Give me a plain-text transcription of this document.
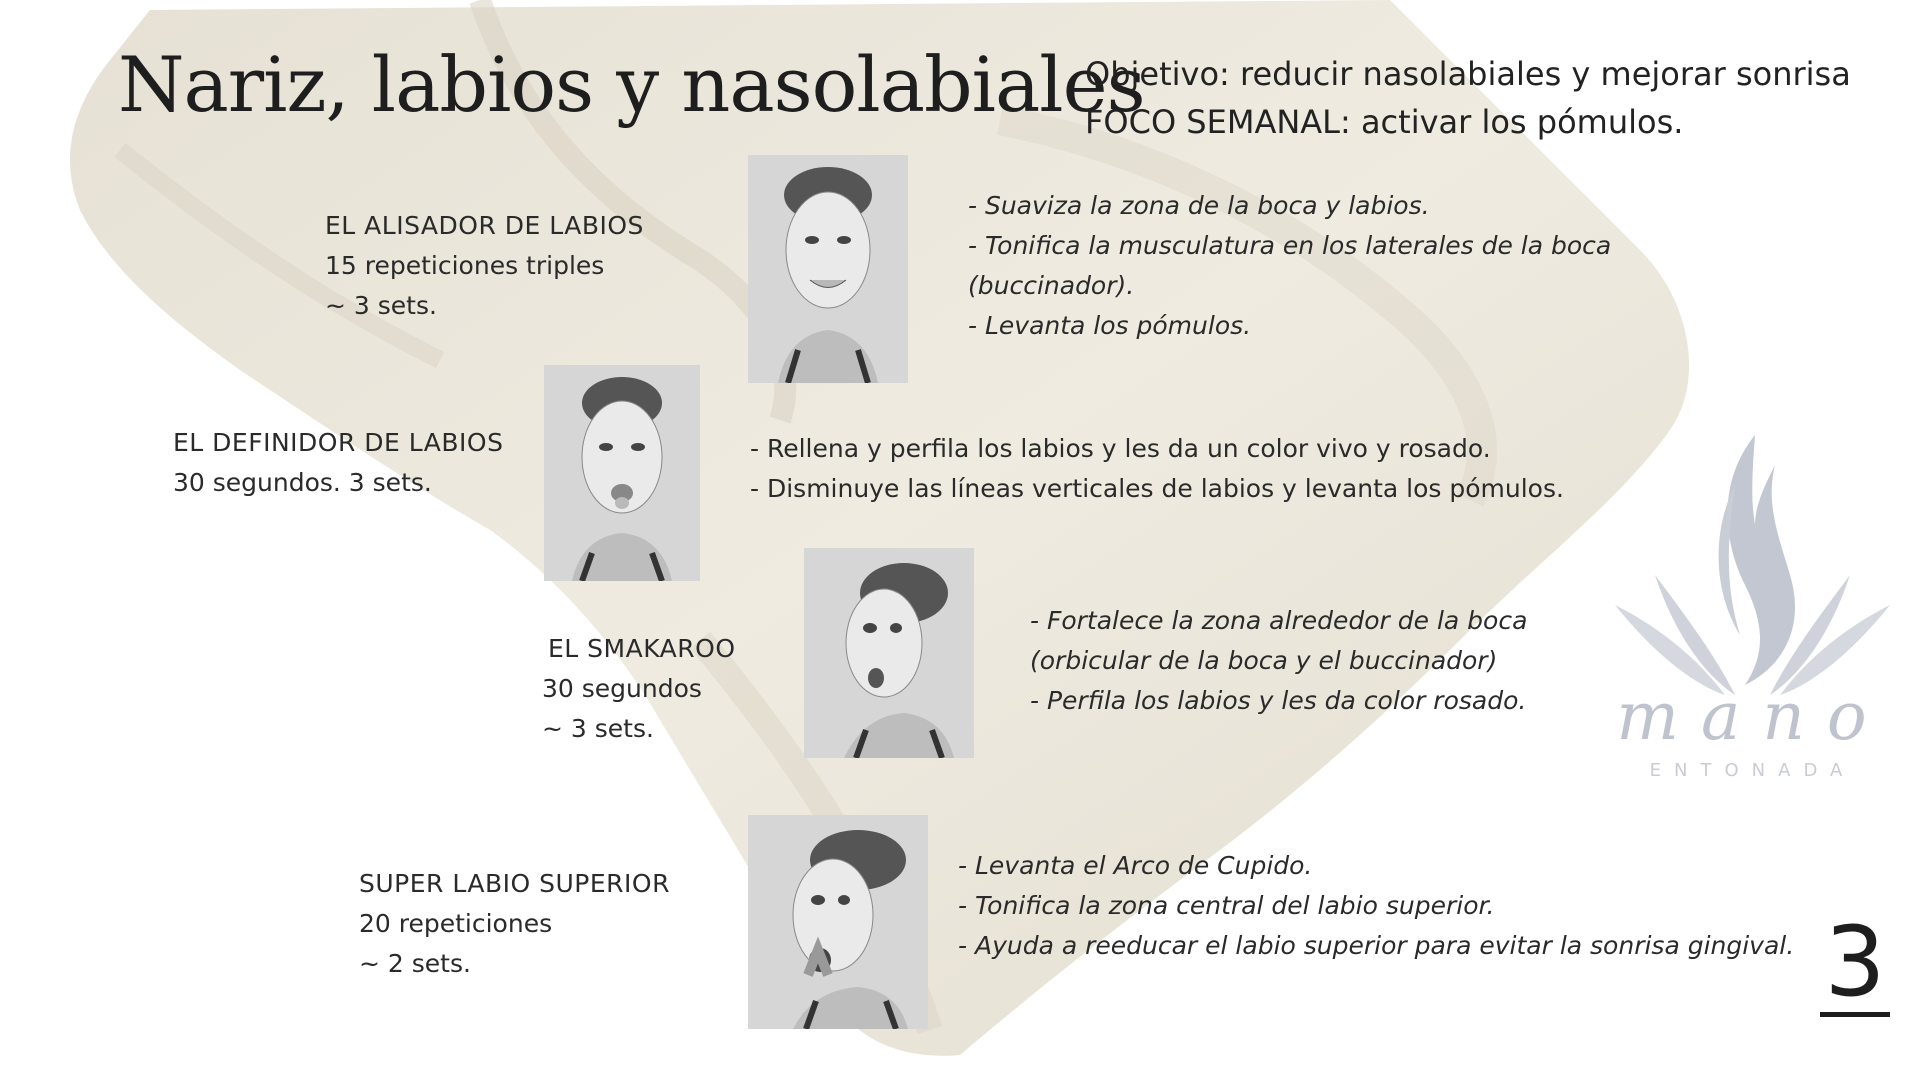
Nariz, labios y nasolabiales
Objetivo: reducir nasolabiales y mejorar sonrisa
FOCO SEMANAL: activar los pómulos.
EL ALISADOR DE LABIOS
15 repeticiones triples
~ 3 sets.
- Suaviza la zona de la boca y labios.
- Tonifica la musculatura en los laterales de la boca
(buccinador).
- Levanta los pómulos.
EL DEFINIDOR DE LABIOS
30 segundos. 3 sets.
- Rellena y perfila los labios y les da un color vivo y rosado.
- Disminuye las líneas verticales de labios y levanta los pómulos.
EL SMAKAROO
30 segundos
~ 3 sets.
- Fortalece la zona alrededor de la boca
(orbicular de la boca y el buccinador)
- Perfila los labios y les da color rosado.
SUPER LABIO SUPERIOR
20 repeticiones
~ 2 sets.
- Levanta el Arco de Cupido.
- Tonifica la zona central del labio superior.
- Ayuda a reeducar el labio superior para evitar la sonrisa gingival.
mano
ENTONADA
3
